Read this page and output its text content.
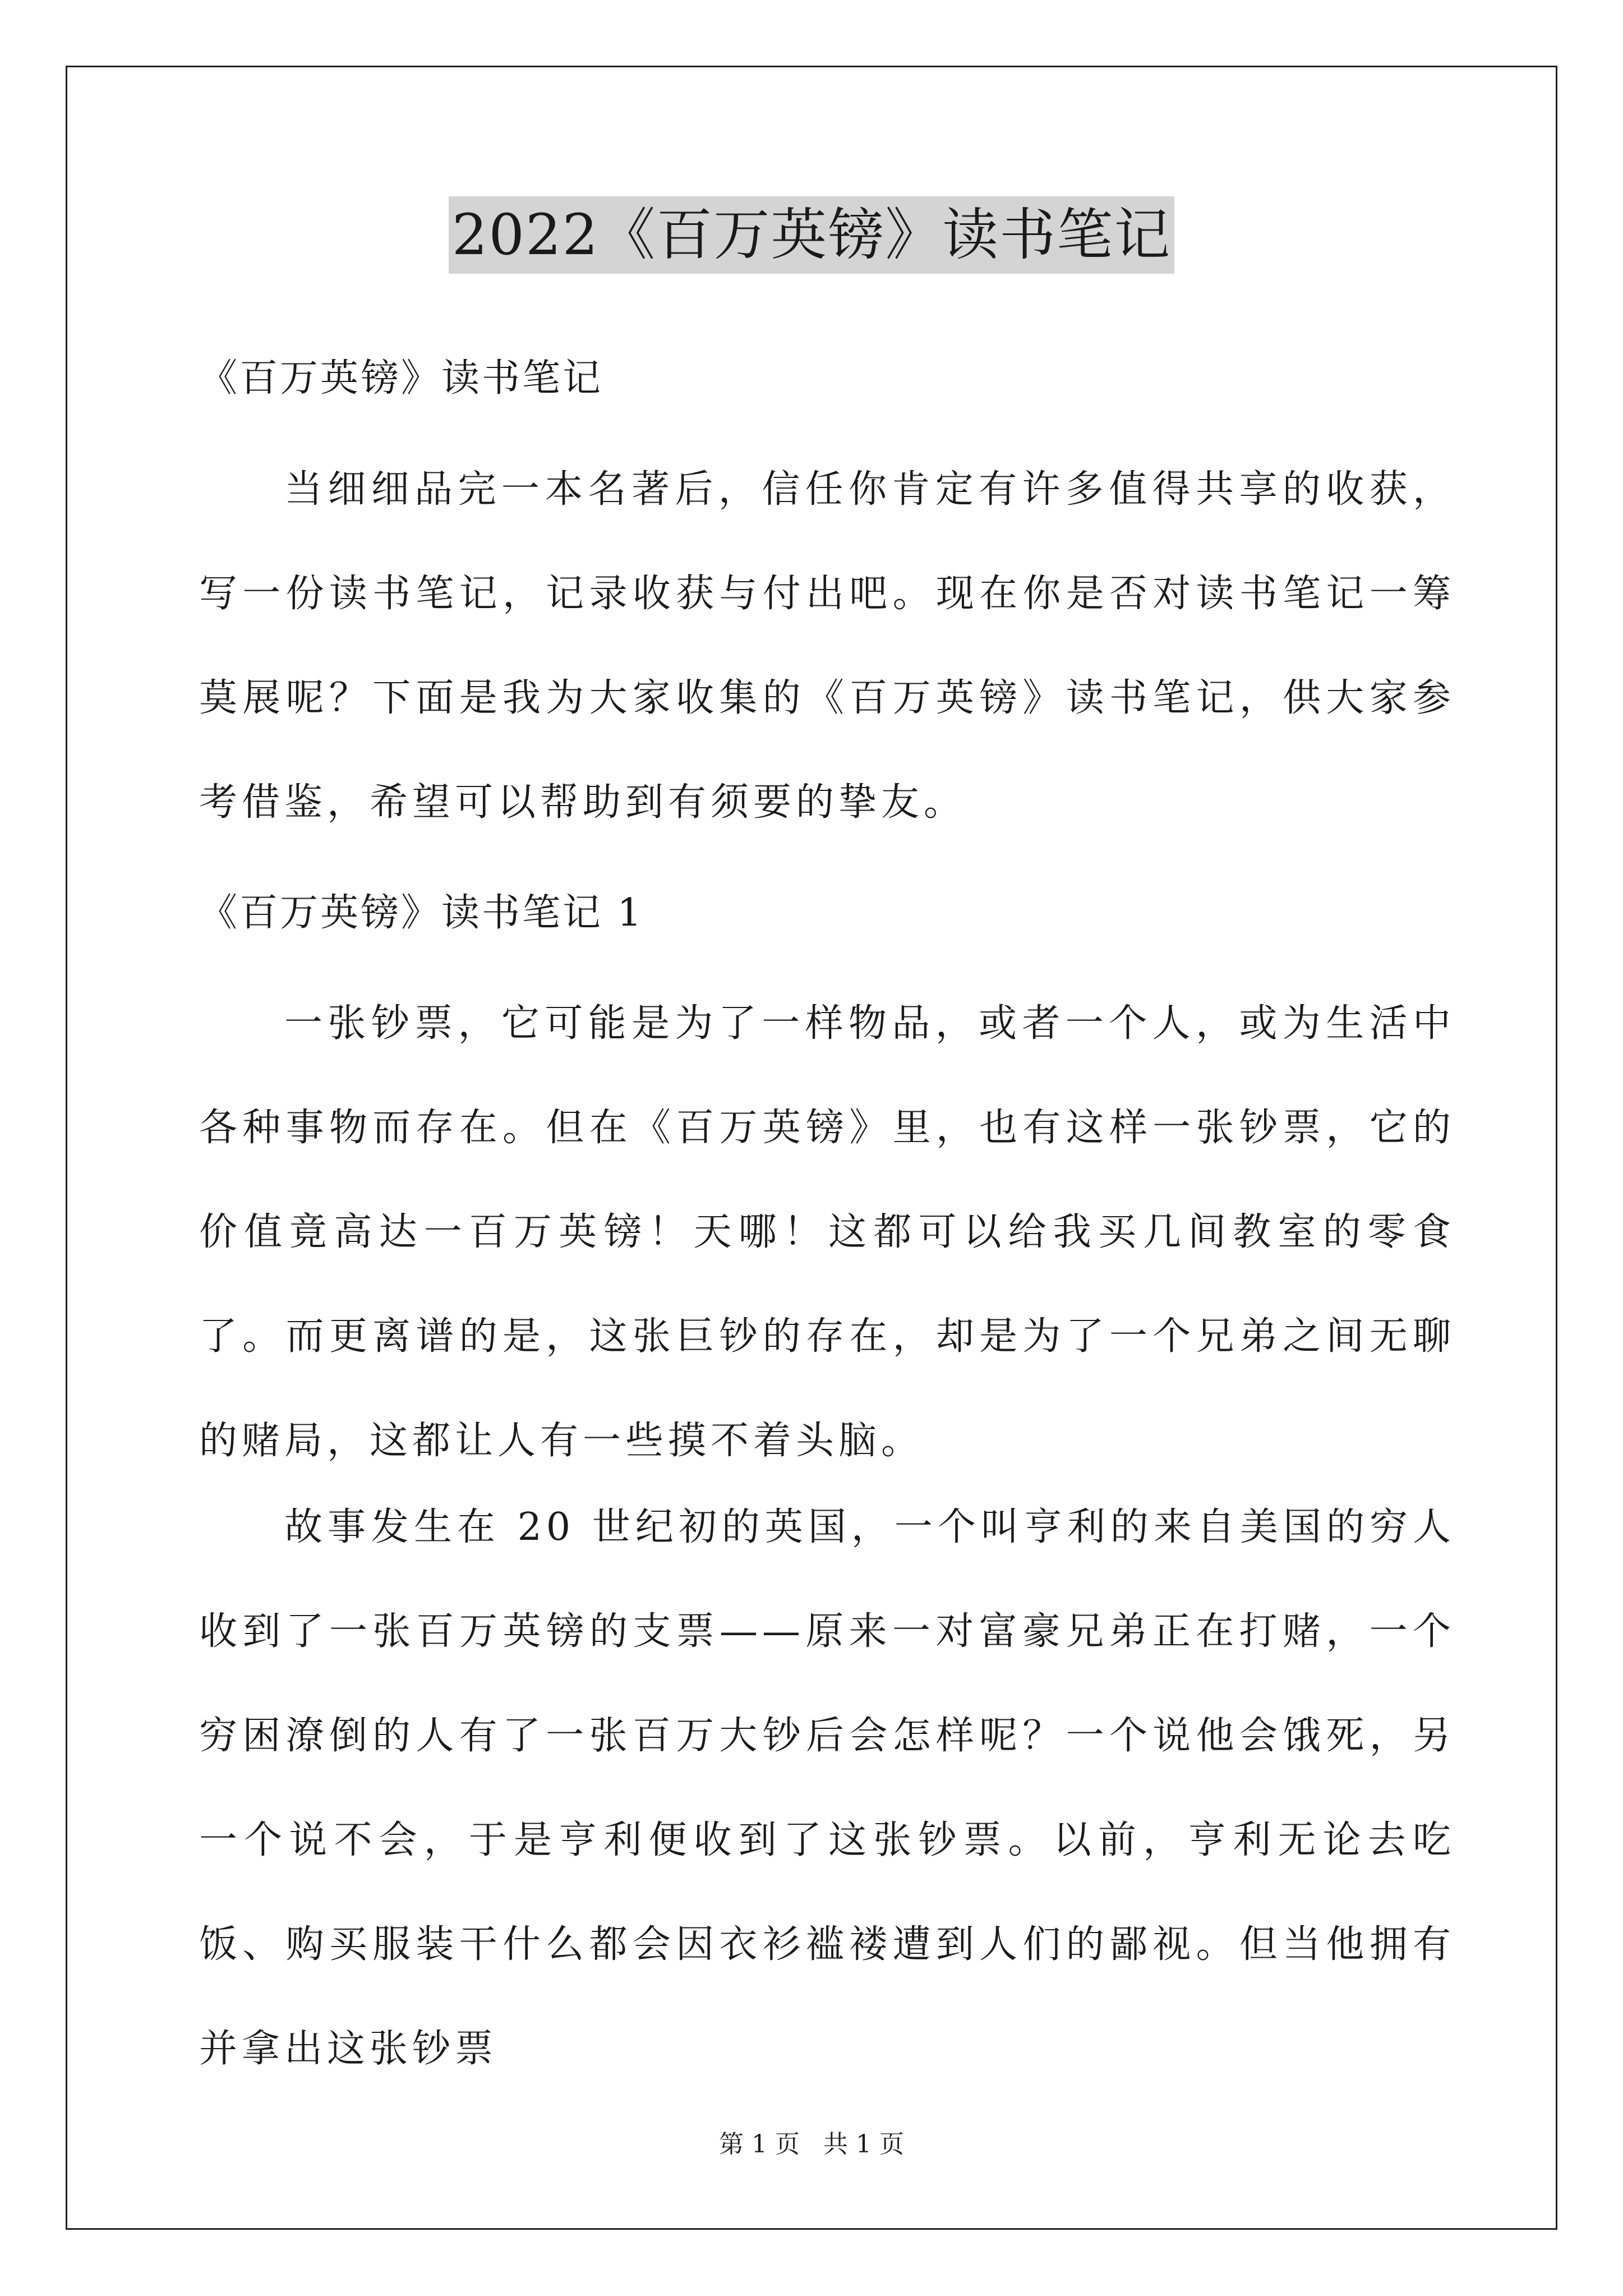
2022《百万英镑》读书笔记
《百万英镑》读书笔记

当细细品完一本名著后，信任你肯定有许多值得共享的收获，写一份读书笔记，记录收获与付出吧。现在你是否对读书笔记一筹莫展呢？下面是我为大家收集的《百万英镑》读书笔记，供大家参考借鉴，希望可以帮助到有须要的挚友。

《百万英镑》读书笔记 1

一张钞票，它可能是为了一样物品，或者一个人，或为生活中各种事物而存在。但在《百万英镑》里，也有这样一张钞票，它的价值竟高达一百万英镑！天哪！这都可以给我买几间教室的零食了。而更离谱的是，这张巨钞的存在，却是为了一个兄弟之间无聊的赌局，这都让人有一些摸不着头脑。

故事发生在 20 世纪初的英国，一个叫亨利的来自美国的穷人收到了一张百万英镑的支票——原来一对富豪兄弟正在打赌，一个穷困潦倒的人有了一张百万大钞后会怎样呢？一个说他会饿死，另一个说不会，于是亨利便收到了这张钞票。以前，亨利无论去吃饭、购买服装干什么都会因衣衫褴褛遭到人们的鄙视。但当他拥有并拿出这张钞票

第 1 页   共 1 页
